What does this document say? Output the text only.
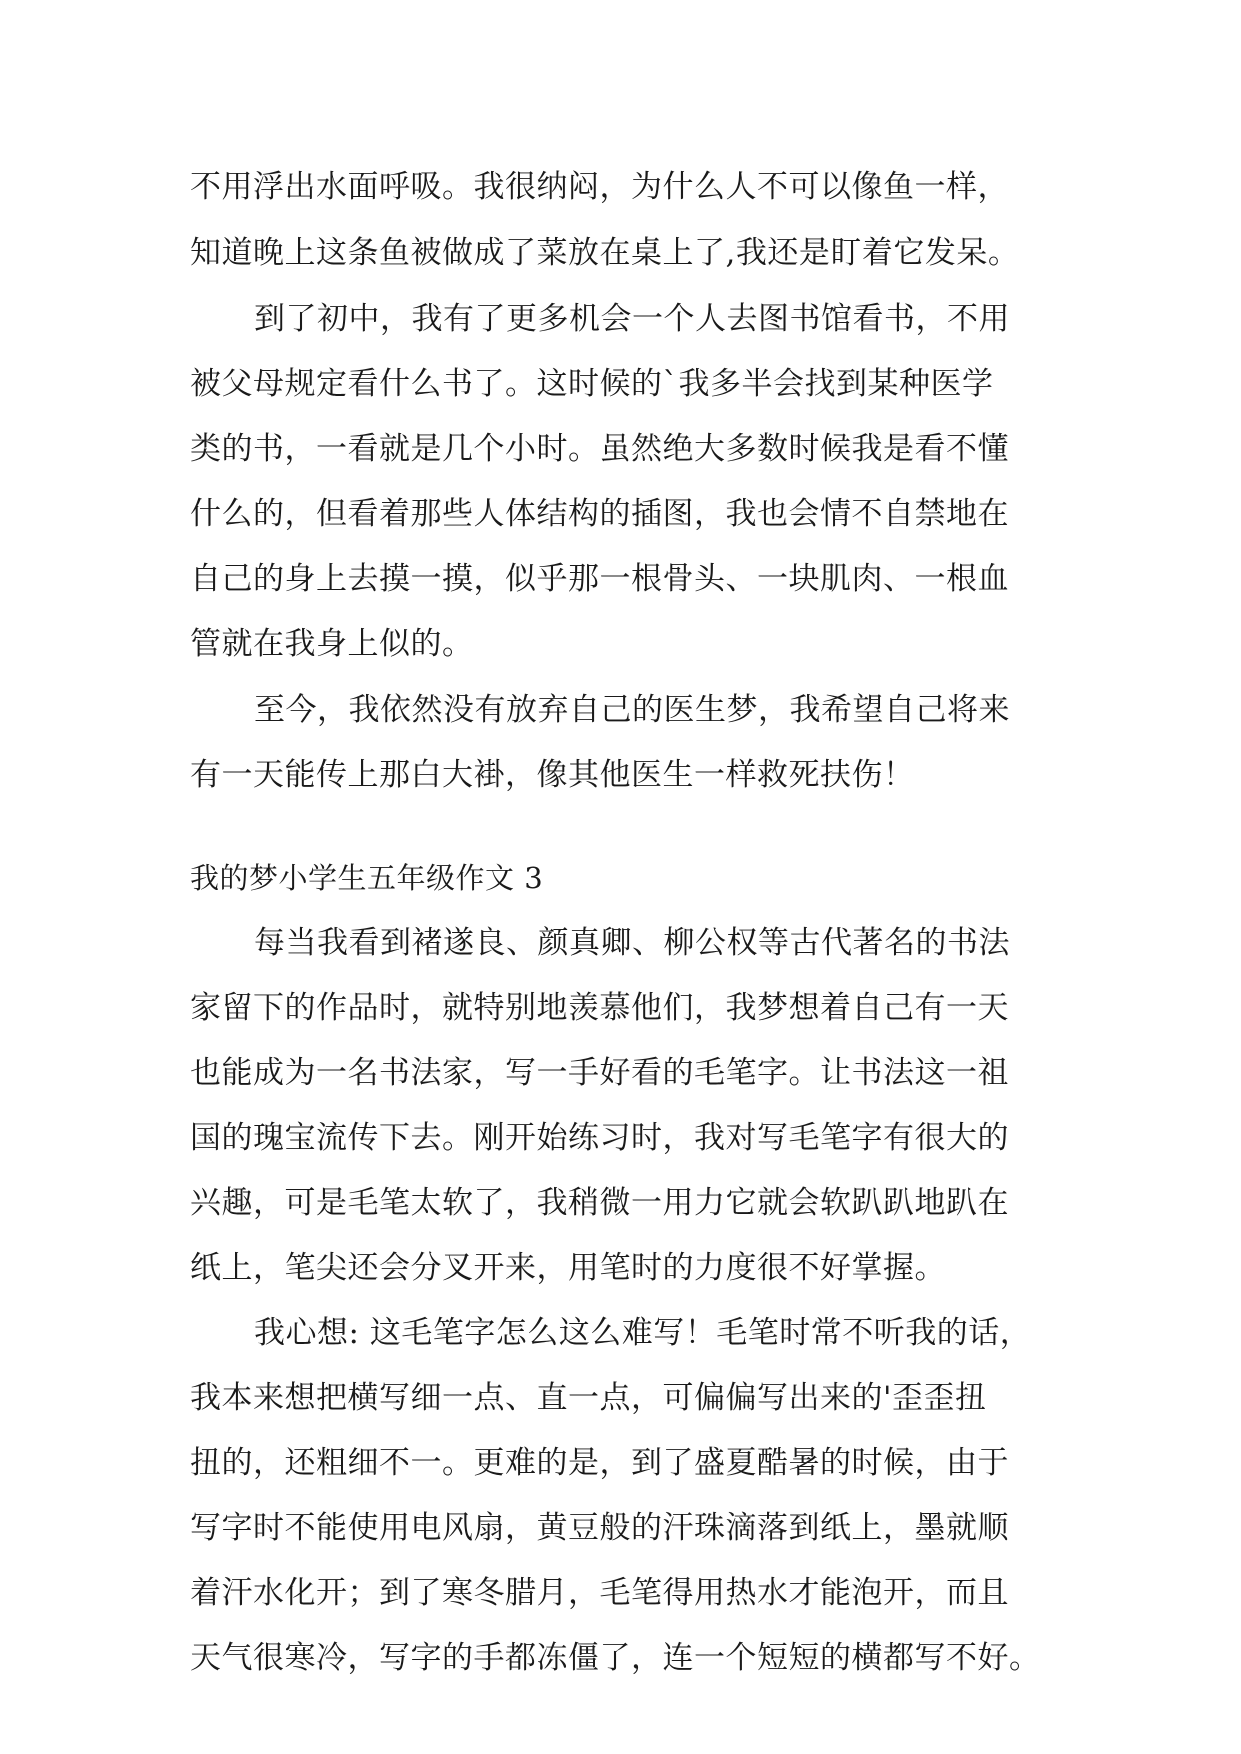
不用浮出水面呼吸。我很纳闷，为什么人不可以像鱼一样，
知道晚上这条鱼被做成了菜放在桌上了,我还是盯着它发呆。
到了初中，我有了更多机会一个人去图书馆看书，不用
被父母规定看什么书了。这时候的`我多半会找到某种医学
类的书，一看就是几个小时。虽然绝大多数时候我是看不懂
什么的，但看着那些人体结构的插图，我也会情不自禁地在
自己的身上去摸一摸，似乎那一根骨头、一块肌肉、一根血
管就在我身上似的。
至今，我依然没有放弃自己的医生梦，我希望自己将来
有一天能传上那白大褂，像其他医生一样救死扶伤！
我的梦小学生五年级作文 3
每当我看到褚遂良、颜真卿、柳公权等古代著名的书法
家留下的作品时，就特别地羡慕他们，我梦想着自己有一天
也能成为一名书法家，写一手好看的毛笔字。让书法这一祖
国的瑰宝流传下去。刚开始练习时，我对写毛笔字有很大的
兴趣，可是毛笔太软了，我稍微一用力它就会软趴趴地趴在
纸上，笔尖还会分叉开来，用笔时的力度很不好掌握。
我心想: 这毛笔字怎么这么难写！毛笔时常不听我的话，
我本来想把横写细一点、直一点，可偏偏写出来的'歪歪扭
扭的，还粗细不一。更难的是，到了盛夏酷暑的时候，由于
写字时不能使用电风扇，黄豆般的汗珠滴落到纸上，墨就顺
着汗水化开；到了寒冬腊月，毛笔得用热水才能泡开，而且
天气很寒冷，写字的手都冻僵了，连一个短短的横都写不好。
